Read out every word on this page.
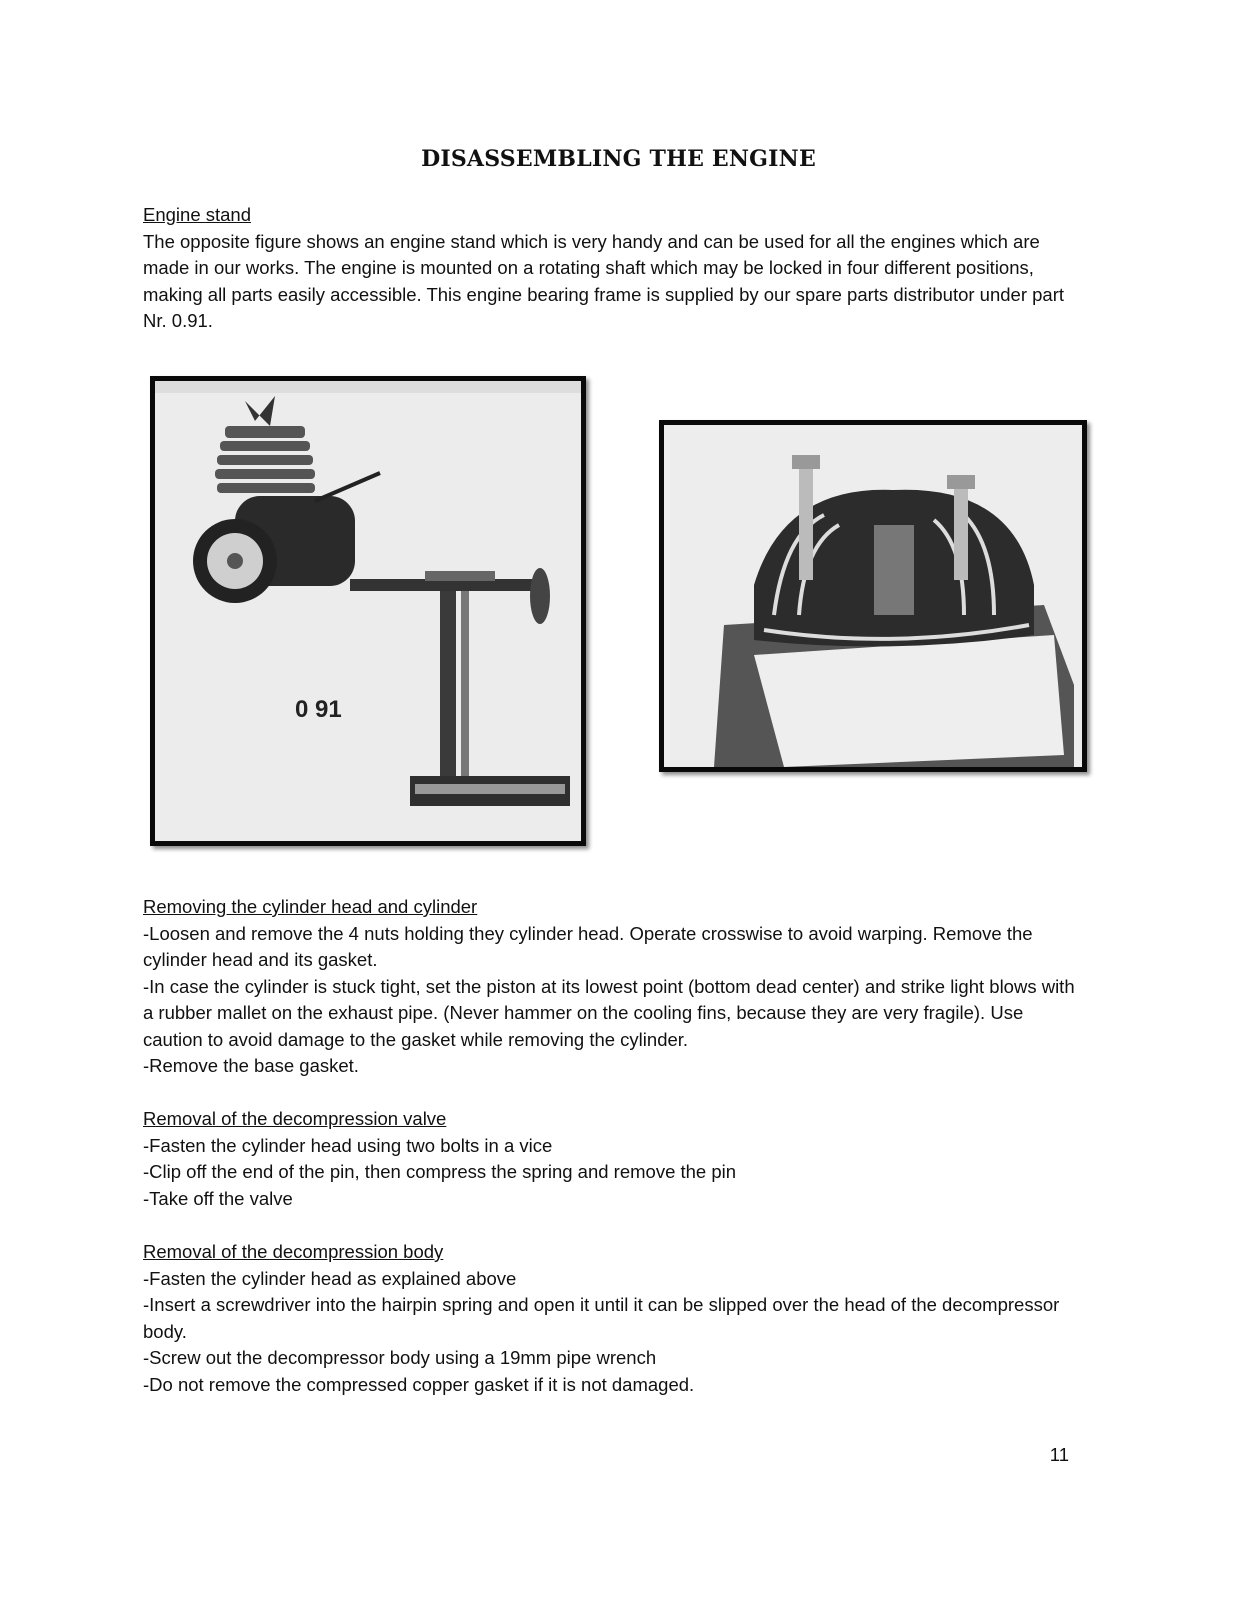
DISASSEMBLING THE ENGINE

Engine stand

The opposite figure shows an engine stand which is very handy and can be used for all the engines which are made in our works. The engine is mounted on a rotating shaft which may be locked in four different positions, making all parts easily accessible. This engine bearing frame is supplied by our spare parts distributor under part Nr. 0.91.

0 91

Removing the cylinder head and cylinder

-Loosen and remove the 4 nuts holding they cylinder head. Operate crosswise to avoid warping. Remove the cylinder head and its gasket.

-In case the cylinder is stuck tight, set the piston at its lowest point (bottom dead center) and strike light blows with a rubber mallet on the exhaust pipe. (Never hammer on the cooling fins, because they are very fragile). Use caution to avoid damage to the gasket while removing the cylinder.

-Remove the base gasket.

Removal of the decompression valve

-Fasten the cylinder head using two bolts in a vice

-Clip off the end of the pin, then compress the spring and remove the pin

-Take off the valve

Removal of the decompression body

-Fasten the cylinder head as explained above

-Insert a screwdriver into the hairpin spring and open it until it can be slipped over the head of the decompressor body.

-Screw out the decompressor body using a 19mm pipe wrench

-Do not remove the compressed copper gasket if it is not damaged.

11
